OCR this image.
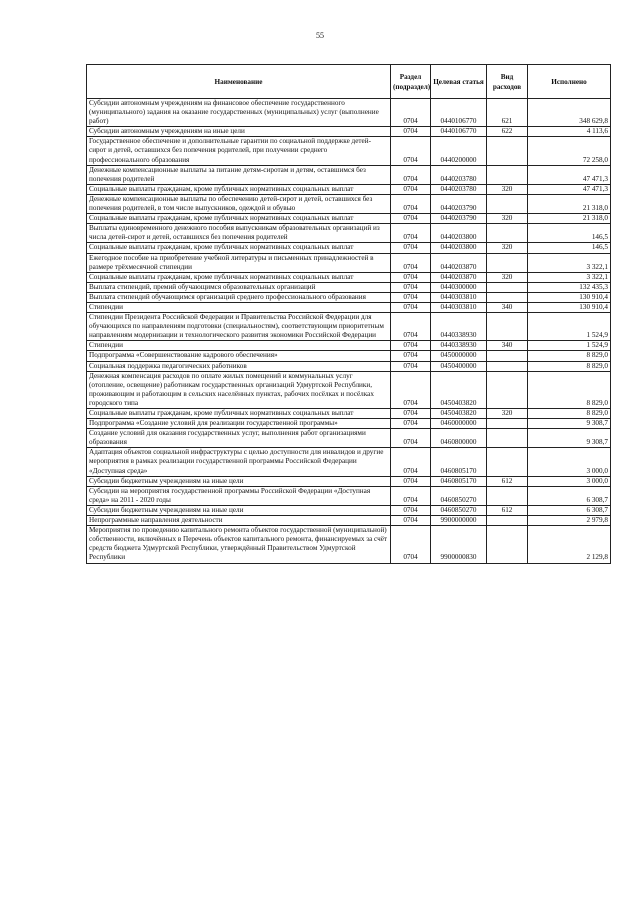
55
Наименование	Раздел (подраздел)	Целевая статья	Вид расходов	Исполнено
Субсидии автономным учреждениям на финансовое обеспечение государственного (муниципального) задания на оказание государственных (муниципальных) услуг (выполнение работ)	0704	0440106770	621	348 629,8
Субсидии автономным учреждениям на иные цели	0704	0440106770	622	4 113,6
Государственное обеспечение и дополнительные гарантии по социальной поддержке детей-сирот и детей, оставшихся без попечения родителей, при получении среднего профессионального образования	0704	0440200000		72 258,0
Денежные компенсационные выплаты за питание детям-сиротам и детям, оставшимся без попечения родителей	0704	0440203780		47 471,3
Социальные выплаты гражданам, кроме публичных нормативных социальных выплат	0704	0440203780	320	47 471,3
Денежные компенсационные выплаты по обеспечению детей-сирот и детей, оставшихся без попечения родителей, в том числе выпускников, одеждой и обувью	0704	0440203790		21 318,0
Социальные выплаты гражданам, кроме публичных нормативных социальных выплат	0704	0440203790	320	21 318,0
Выплаты единовременного денежного пособия выпускникам образовательных организаций из числа детей-сирот и детей, оставшихся без попечения родителей	0704	0440203800		146,5
Социальные выплаты гражданам, кроме публичных нормативных социальных выплат	0704	0440203800	320	146,5
Ежегодное пособие на приобретение учебной литературы и письменных принадлежностей в размере трёхмесячной стипендии	0704	0440203870		3 322,1
Социальные выплаты гражданам, кроме публичных нормативных социальных выплат	0704	0440203870	320	3 322,1
Выплата стипендий, премий обучающимся образовательных организаций	0704	0440300000		132 435,3
Выплата стипендий обучающимся организаций среднего профессионального образования	0704	0440303810		130 910,4
Стипендии	0704	0440303810	340	130 910,4
Стипендии Президента Российской Федерации и Правительства Российской Федерации для обучающихся по направлениям подготовки (специальностям), соответствующим приоритетным направлениям модернизации и технологического развития экономики Российской Федерации	0704	0440338930		1 524,9
Стипендии	0704	0440338930	340	1 524,9
Подпрограмма «Совершенствование кадрового обеспечения»	0704	0450000000		8 829,0
Социальная поддержка педагогических работников	0704	0450400000		8 829,0
Денежная компенсация расходов по оплате жилых помещений и коммунальных услуг (отопление, освещение) работникам государственных организаций Удмуртской Республики, проживающим и работающим в сельских населённых пунктах, рабочих посёлках и посёлках городского типа	0704	0450403820		8 829,0
Социальные выплаты гражданам, кроме публичных нормативных социальных выплат	0704	0450403820	320	8 829,0
Подпрограмма «Создание условий для реализации государственной программы»	0704	0460000000		9 308,7
Создание условий для оказания государственных услуг, выполнения работ организациями образования	0704	0460800000		9 308,7
Адаптация объектов социальной инфраструктуры с целью доступности для инвалидов и другие мероприятия в рамках реализации государственной программы Российской Федерации «Доступная среда»	0704	0460805170		3 000,0
Субсидии бюджетным учреждениям на иные цели	0704	0460805170	612	3 000,0
Субсидии на мероприятия государственной программы Российской Федерации «Доступная среда» на 2011 - 2020 годы	0704	0460850270		6 308,7
Субсидии бюджетным учреждениям на иные цели	0704	0460850270	612	6 308,7
Непрограммные направления деятельности	0704	9900000000		2 979,8
Мероприятия по проведению капитального ремонта объектов государственной (муниципальной) собственности, включённых в Перечень объектов капитального ремонта, финансируемых за счёт средств бюджета Удмуртской Республики, утверждённый Правительством Удмуртской Республики	0704	9900000830		2 129,8
